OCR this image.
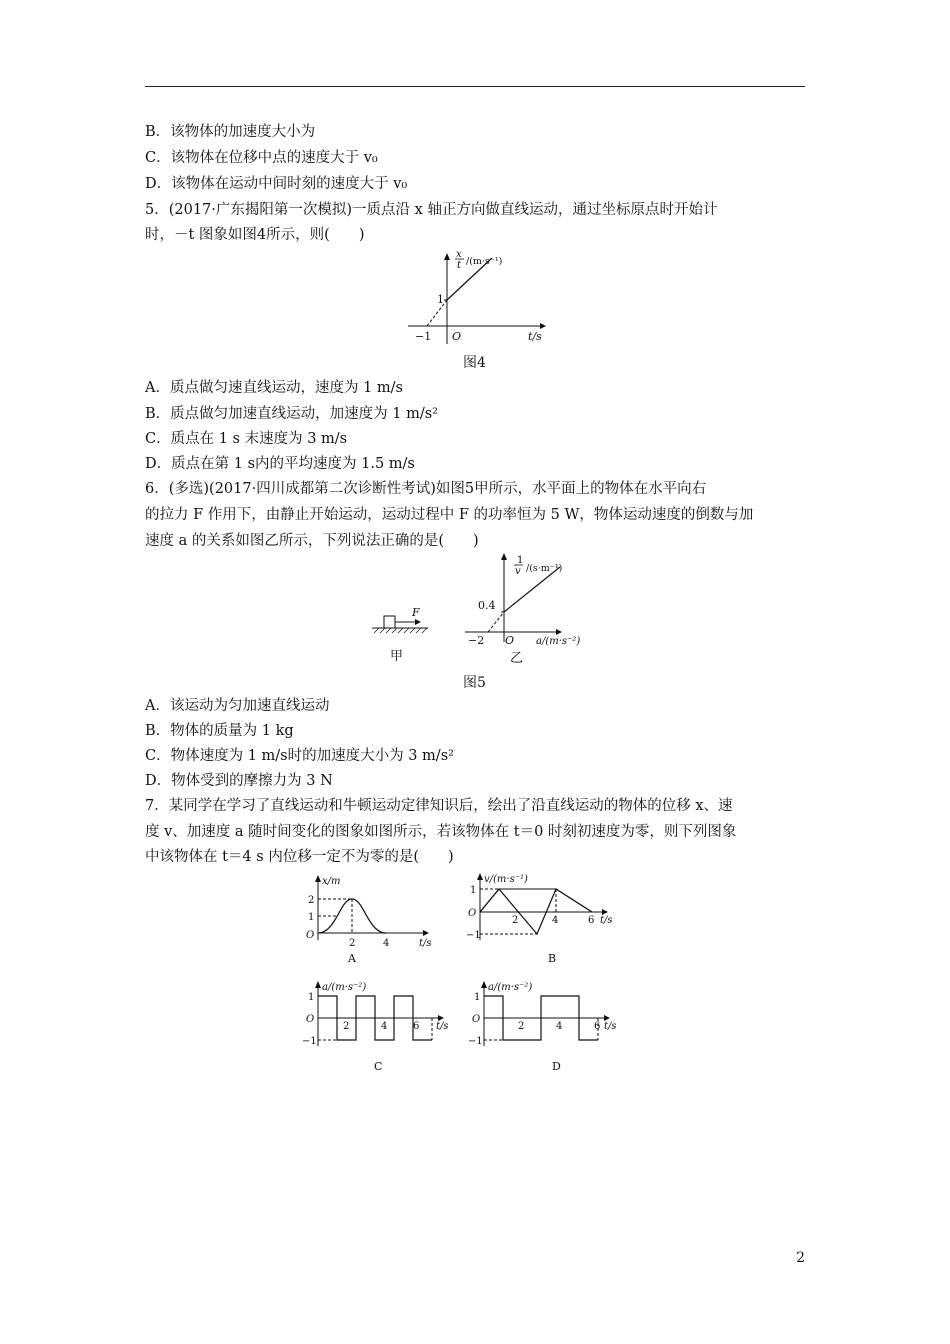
B．该物体的加速度大小为
C．该物体在位移中点的速度大于 v₀
D．该物体在运动中间时刻的速度大于 v₀
5．(2017·广东揭阳第一次模拟)一质点沿 x 轴正方向做直线运动，通过坐标原点时开始计
时，－t 图象如图4所示，则(　　)
x
t /(m·s⁻¹)
1
−1 O	t/s
图4
A．质点做匀速直线运动，速度为 1 m/s
B．质点做匀加速直线运动，加速度为 1 m/s²
C．质点在 1 s 末速度为 3 m/s
D．质点在第 1 s内的平均速度为 1.5 m/s
6．(多选)(2017·四川成都第二次诊断性考试)如图5甲所示，水平面上的物体在水平向右
的拉力 F 作用下，由静止开始运动，运动过程中 F 的功率恒为 5 W，物体运动速度的倒数与加
速度 a 的关系如图乙所示，下列说法正确的是(　　)
F
甲
1
v /(s·m⁻¹)
0.4
−2 O a/(m·s⁻²)
乙
图5
A．该运动为匀加速直线运动
B．物体的质量为 1 kg
C．物体速度为 1 m/s时的加速度大小为 3 m/s²
D．物体受到的摩擦力为 3 N
7．某同学在学习了直线运动和牛顿运动定律知识后，绘出了沿直线运动的物体的位移 x、速
度 v、加速度 a 随时间变化的图象如图所示，若该物体在 t＝0 时刻初速度为零，则下列图象
中该物体在 t＝4 s 内位移一定不为零的是(　　)
x/m
2
1
O
2	4	t/s
A
v/(m·s⁻¹)
1
O
−1
2	4	6 t/s
B
a/(m·s⁻²)
1
O
−1
2	4	6 t/s
C
a/(m·s⁻²)
1
O
−1
2	4	6 t/s
D
2
